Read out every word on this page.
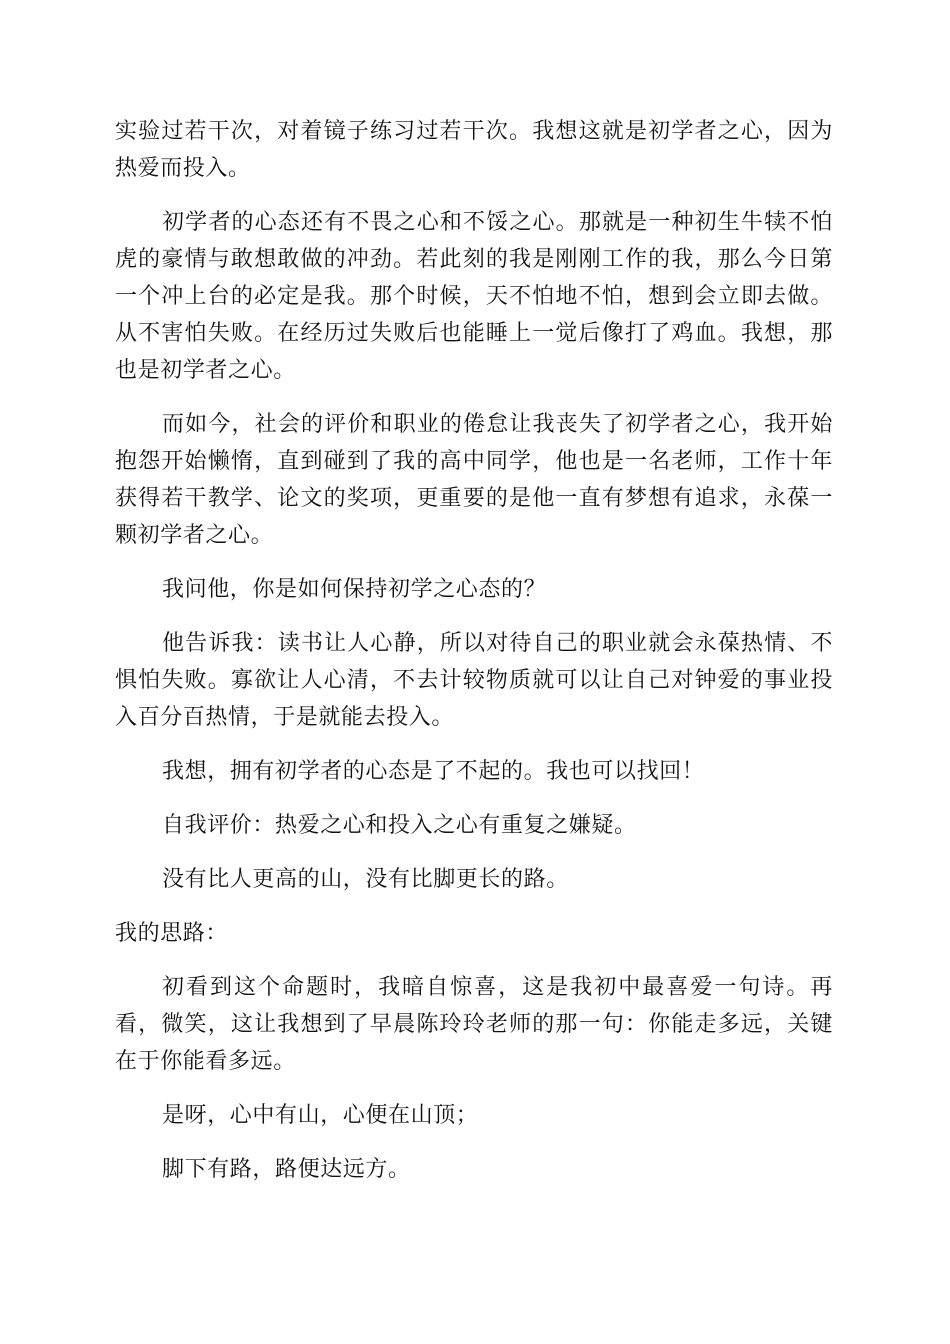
实验过若干次，对着镜子练习过若干次。我想这就是初学者之心，因为热爱而投入。

初学者的心态还有不畏之心和不馁之心。那就是一种初生牛犊不怕虎的豪情与敢想敢做的冲劲。若此刻的我是刚刚工作的我，那么今日第一个冲上台的必定是我。那个时候，天不怕地不怕，想到会立即去做。从不害怕失败。在经历过失败后也能睡上一觉后像打了鸡血。我想，那也是初学者之心。

而如今，社会的评价和职业的倦怠让我丧失了初学者之心，我开始抱怨开始懒惰，直到碰到了我的高中同学，他也是一名老师，工作十年获得若干教学、论文的奖项，更重要的是他一直有梦想有追求，永葆一颗初学者之心。

我问他，你是如何保持初学之心态的？

他告诉我：读书让人心静，所以对待自己的职业就会永葆热情、不惧怕失败。寡欲让人心清，不去计较物质就可以让自己对钟爱的事业投入百分百热情，于是就能去投入。

我想，拥有初学者的心态是了不起的。我也可以找回！

自我评价：热爱之心和投入之心有重复之嫌疑。

没有比人更高的山，没有比脚更长的路。

我的思路：

初看到这个命题时，我暗自惊喜，这是我初中最喜爱一句诗。再看，微笑，这让我想到了早晨陈玲玲老师的那一句：你能走多远，关键在于你能看多远。

是呀，心中有山，心便在山顶；

脚下有路，路便达远方。
